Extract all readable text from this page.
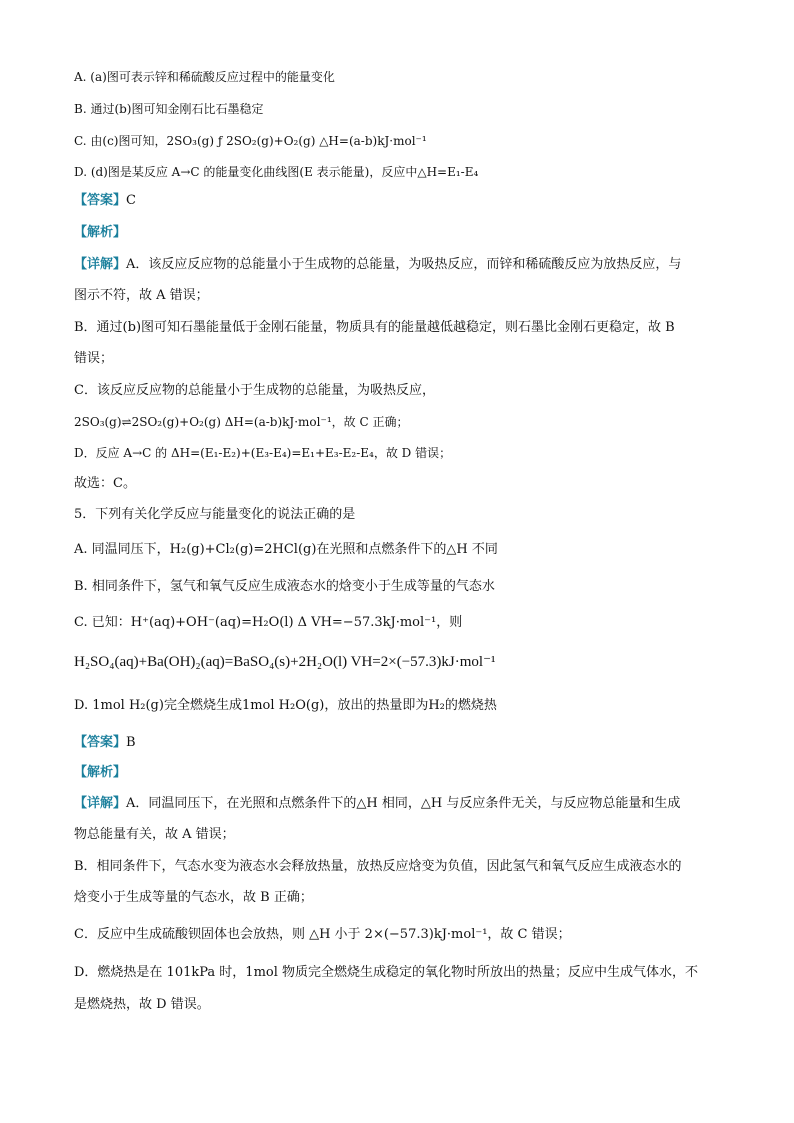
A. (a)图可表示锌和稀硫酸反应过程中的能量变化
B. 通过(b)图可知金刚石比石墨稳定
C. 由(c)图可知，2SO₃(g) ƒ 2SO₂(g)+O₂(g) △H=(a-b)kJ·mol⁻¹
D. (d)图是某反应 A→C 的能量变化曲线图(E 表示能量)，反应中△H=E₁-E₄
【答案】C
【解析】
【详解】A．该反应反应物的总能量小于生成物的总能量，为吸热反应，而锌和稀硫酸反应为放热反应，与
图示不符，故 A 错误；
B．通过(b)图可知石墨能量低于金刚石能量，物质具有的能量越低越稳定，则石墨比金刚石更稳定，故 B
错误；
C．该反应反应物的总能量小于生成物的总能量，为吸热反应，
2SO₃(g)⇌2SO₂(g)+O₂(g) ΔH=(a-b)kJ·mol⁻¹，故 C 正确；
D．反应 A→C 的 ΔH=(E₁-E₂)+(E₃-E₄)=E₁+E₃-E₂-E₄，故 D 错误；
故选：C。
5．下列有关化学反应与能量变化的说法正确的是
A. 同温同压下，H₂(g)+Cl₂(g)=2HCl(g)在光照和点燃条件下的△H 不同
B. 相同条件下，氢气和氧气反应生成液态水的焓变小于生成等量的气态水
C. 已知：H⁺(aq)+OH⁻(aq)=H₂O(l) Δ VH=−57.3kJ·mol⁻¹，则
H₂SO₄(aq)+Ba(OH)₂(aq)=BaSO₄(s)+2H₂O(l) VH=2×(−57.3)kJ·mol⁻¹
D. 1mol H₂(g)完全燃烧生成1mol H₂O(g)，放出的热量即为H₂的燃烧热
【答案】B
【解析】
【详解】A．同温同压下，在光照和点燃条件下的△H 相同，△H 与反应条件无关，与反应物总能量和生成
物总能量有关，故 A 错误；
B．相同条件下，气态水变为液态水会释放热量，放热反应焓变为负值，因此氢气和氧气反应生成液态水的
焓变小于生成等量的气态水，故 B 正确；
C．反应中生成硫酸钡固体也会放热，则 △H 小于 2×(−57.3)kJ·mol⁻¹，故 C 错误；
D．燃烧热是在 101kPa 时，1mol 物质完全燃烧生成稳定的氧化物时所放出的热量；反应中生成气体水，不
是燃烧热，故 D 错误。
